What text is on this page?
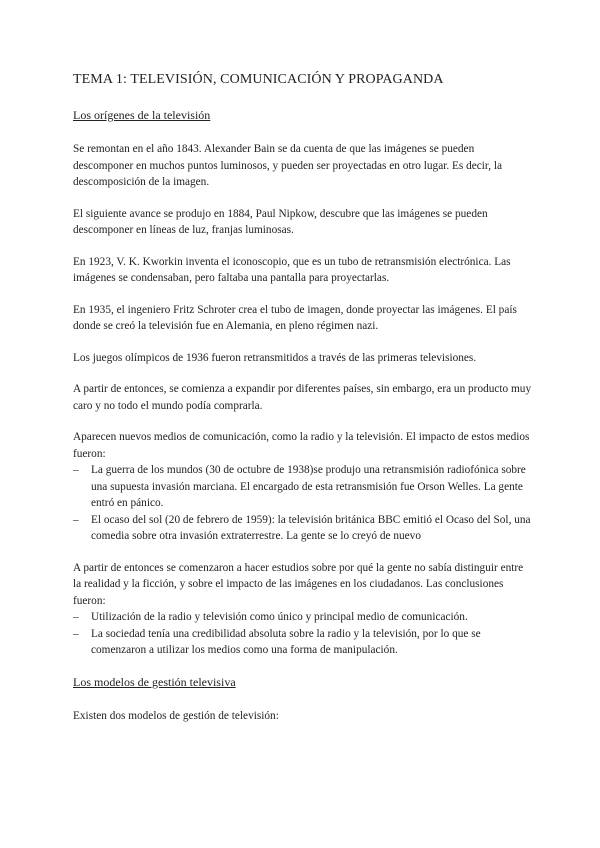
TEMA 1: TELEVISIÓN, COMUNICACIÓN Y PROPAGANDA
Los orígenes de la televisión

Se remontan en el año 1843. Alexander Bain se da cuenta de que las imágenes se pueden descomponer en muchos puntos luminosos, y pueden ser proyectadas en otro lugar. Es decir, la descomposición de la imagen.

El siguiente avance se produjo en 1884, Paul Nipkow, descubre que las imágenes se pueden descomponer en líneas de luz, franjas luminosas.

En 1923, V. K. Kworkin inventa el iconoscopio, que es un tubo de retransmisión electrónica. Las imágenes se condensaban, pero faltaba una pantalla para proyectarlas.

En 1935, el ingeniero Fritz Schroter crea el tubo de imagen, donde proyectar las imágenes. El país donde se creó la televisión fue en Alemania, en pleno régimen nazi.

Los juegos olímpicos de 1936 fueron retransmitidos a través de las primeras televisiones.

A partir de entonces, se comienza a expandir por diferentes países, sin embargo, era un producto muy caro y no todo el mundo podía comprarla.

Aparecen nuevos medios de comunicación, como la radio y la televisión. El impacto de estos medios fueron:

– La guerra de los mundos (30 de octubre de 1938)se produjo una retransmisión radiofónica sobre una supuesta invasión marciana. El encargado de esta retransmisión fue Orson Welles. La gente entró en pánico.
– El ocaso del sol (20 de febrero de 1959): la televisión británica BBC emitió el Ocaso del Sol, una comedia sobre otra invasión extraterrestre. La gente se lo creyó de nuevo

A partir de entonces se comenzaron a hacer estudios sobre por qué la gente no sabía distinguir entre la realidad y la ficción, y sobre el impacto de las imágenes en los ciudadanos. Las conclusiones fueron:

– Utilización de la radio y televisión como único y principal medio de comunicación.
– La sociedad tenía una credibilidad absoluta sobre la radio y la televisión, por lo que se comenzaron a utilizar los medios como una forma de manipulación.
Los modelos de gestión televisiva

Existen dos modelos de gestión de televisión:
